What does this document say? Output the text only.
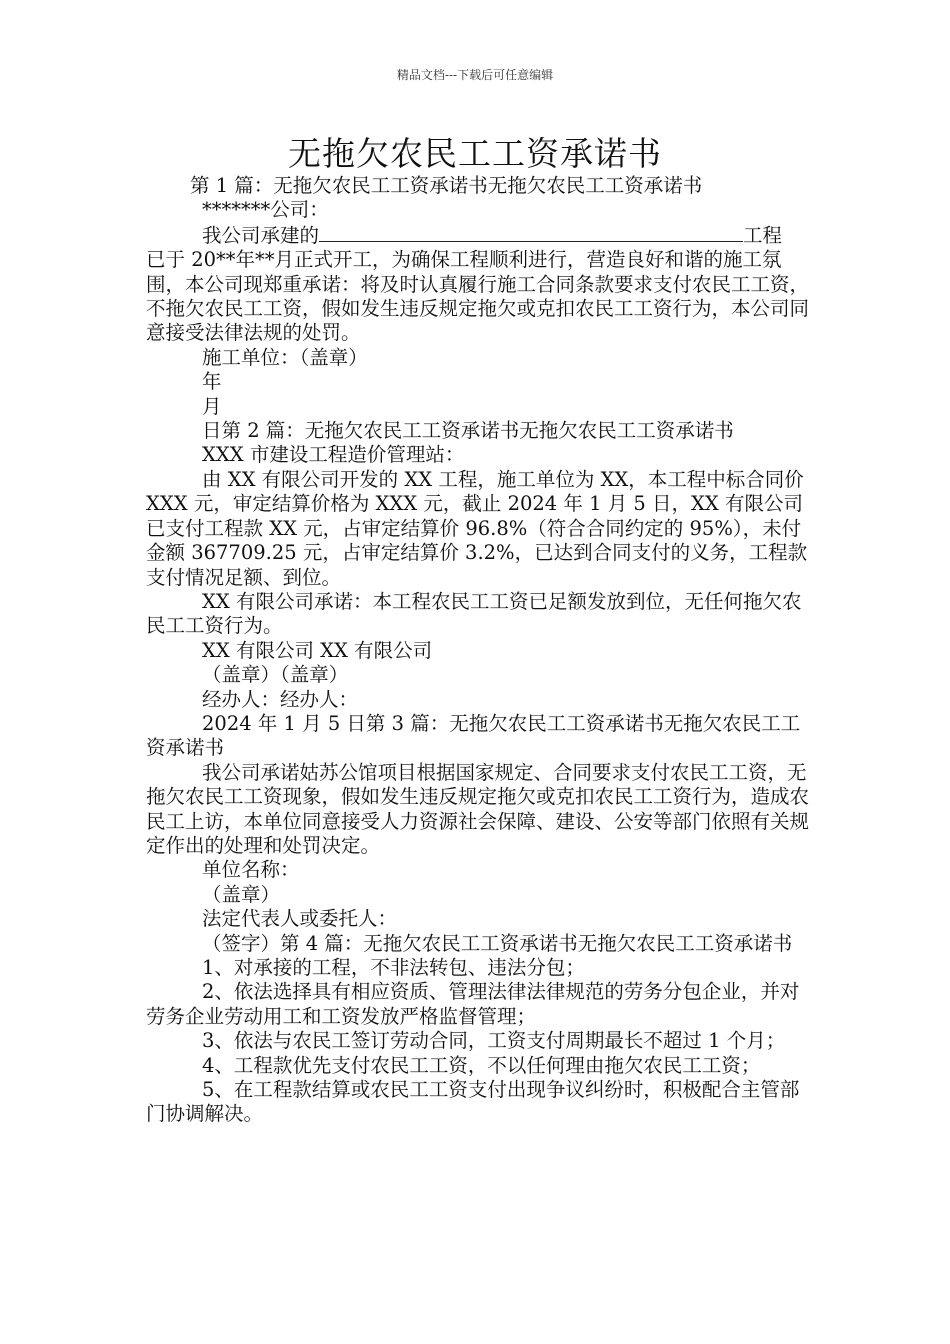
精品文档---下载后可任意编辑
无拖欠农民工工资承诺书

第 1 篇：无拖欠农民工工资承诺书无拖欠农民工工资承诺书

*******公司：

我公司承建的	工程

已于 20**年**月正式开工，为确保工程顺利进行，营造良好和谐的施工氛围，本公司现郑重承诺：将及时认真履行施工合同条款要求支付农民工工资，不拖欠农民工工资，假如发生违反规定拖欠或克扣农民工工资行为，本公司同意接受法律法规的处罚。

施工单位：（盖章）

年

月

日第 2 篇：无拖欠农民工工资承诺书无拖欠农民工工资承诺书

XXX 市建设工程造价管理站：

由 XX 有限公司开发的 XX 工程，施工单位为 XX，本工程中标合同价 XXX 元，审定结算价格为 XXX 元，截止 2024 年 1 月 5 日，XX 有限公司已支付工程款 XX 元，占审定结算价 96.8%（符合合同约定的 95%），未付金额 367709.25 元，占审定结算价 3.2%，已达到合同支付的义务，工程款支付情况足额、到位。

XX 有限公司承诺：本工程农民工工资已足额发放到位，无任何拖欠农民工工资行为。

XX 有限公司 XX 有限公司

（盖章）（盖章）

经办人：经办人：

2024 年 1 月 5 日第 3 篇：无拖欠农民工工资承诺书无拖欠农民工工资承诺书

我公司承诺姑苏公馆项目根据国家规定、合同要求支付农民工工资，无拖欠农民工工资现象，假如发生违反规定拖欠或克扣农民工工资行为，造成农民工上访，本单位同意接受人力资源社会保障、建设、公安等部门依照有关规定作出的处理和处罚决定。

单位名称：

（盖章）

法定代表人或委托人：

（签字）第 4 篇：无拖欠农民工工资承诺书无拖欠农民工工资承诺书

1、对承接的工程，不非法转包、违法分包；

2、依法选择具有相应资质、管理法律法律规范的劳务分包企业，并对劳务企业劳动用工和工资发放严格监督管理；

3、依法与农民工签订劳动合同，工资支付周期最长不超过 1 个月；

4、工程款优先支付农民工工资，不以任何理由拖欠农民工工资；

5、在工程款结算或农民工工资支付出现争议纠纷时，积极配合主管部门协调解决。
